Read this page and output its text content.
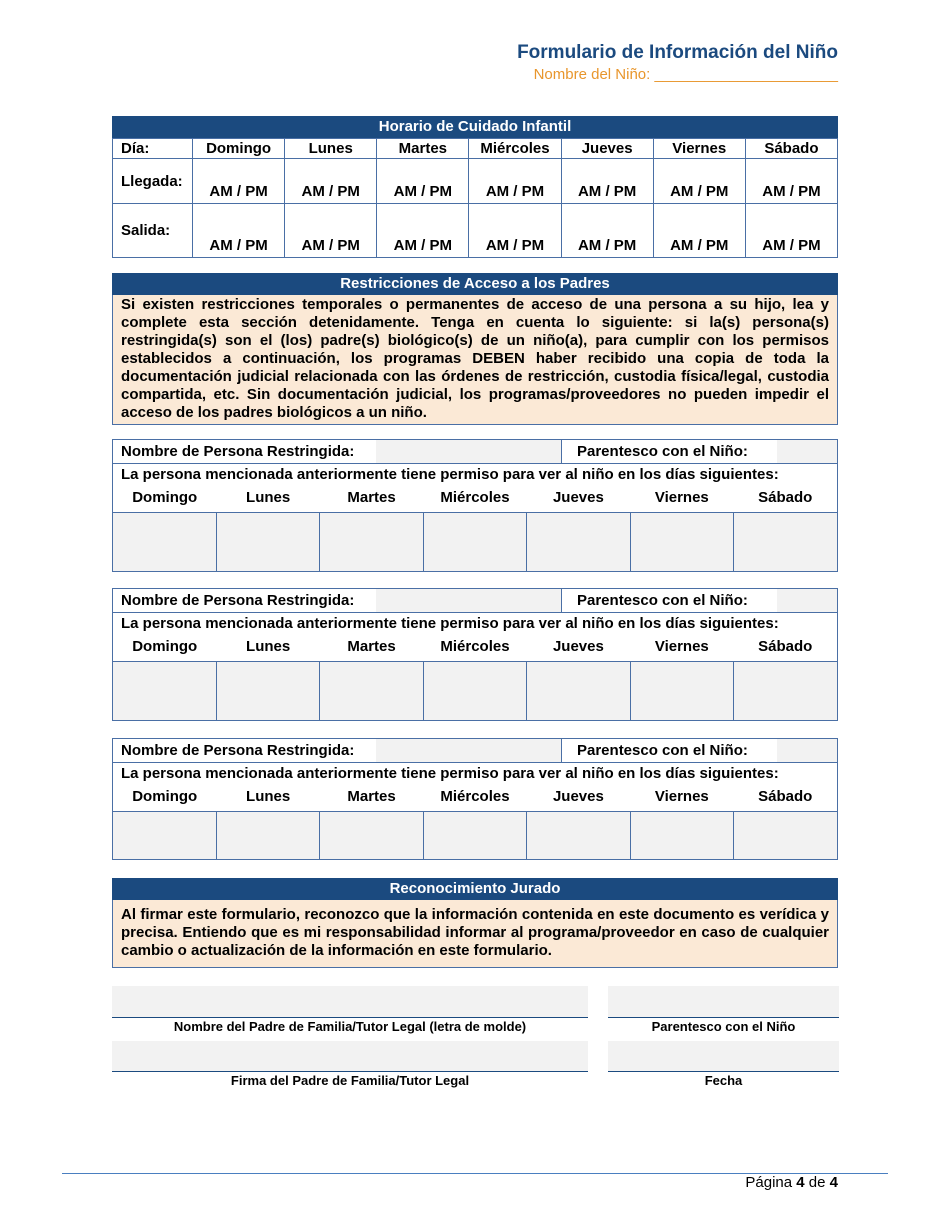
Formulario de Información del Niño
Nombre del Niño: ______________________
Horario de Cuidado Infantil
Día:	Domingo	Lunes	Martes	Miércoles	Jueves	Viernes	Sábado
Llegada:	AM / PM	AM / PM	AM / PM	AM / PM	AM / PM	AM / PM	AM / PM
Salida:	AM / PM	AM / PM	AM / PM	AM / PM	AM / PM	AM / PM	AM / PM
Restricciones de Acceso a los Padres
Si existen restricciones temporales o permanentes de acceso de una persona a su hijo, lea y complete esta sección detenidamente. Tenga en cuenta lo siguiente: si la(s) persona(s) restringida(s) son el (los) padre(s) biológico(s) de un niño(a), para cumplir con los permisos establecidos a continuación, los programas DEBEN haber recibido una copia de toda la documentación judicial relacionada con las órdenes de restricción, custodia física/legal, custodia compartida, etc. Sin documentación judicial, los programas/proveedores no pueden impedir el acceso de los padres biológicos a un niño.
Nombre de Persona Restringida:	Parentesco con el Niño:
La persona mencionada anteriormente tiene permiso para ver al niño en los días siguientes:
Domingo	Lunes	Martes	Miércoles	Jueves	Viernes	Sábado
Nombre de Persona Restringida:	Parentesco con el Niño:
La persona mencionada anteriormente tiene permiso para ver al niño en los días siguientes:
Domingo	Lunes	Martes	Miércoles	Jueves	Viernes	Sábado
Nombre de Persona Restringida:	Parentesco con el Niño:
La persona mencionada anteriormente tiene permiso para ver al niño en los días siguientes:
Domingo	Lunes	Martes	Miércoles	Jueves	Viernes	Sábado
Reconocimiento Jurado
Al firmar este formulario, reconozco que la información contenida en este documento es verídica y precisa. Entiendo que es mi responsabilidad informar al programa/proveedor en caso de cualquier cambio o actualización de la información en este formulario.
Nombre del Padre de Familia/Tutor Legal (letra de molde)	Parentesco con el Niño
Firma del Padre de Familia/Tutor Legal	Fecha
Página 4 de 4
